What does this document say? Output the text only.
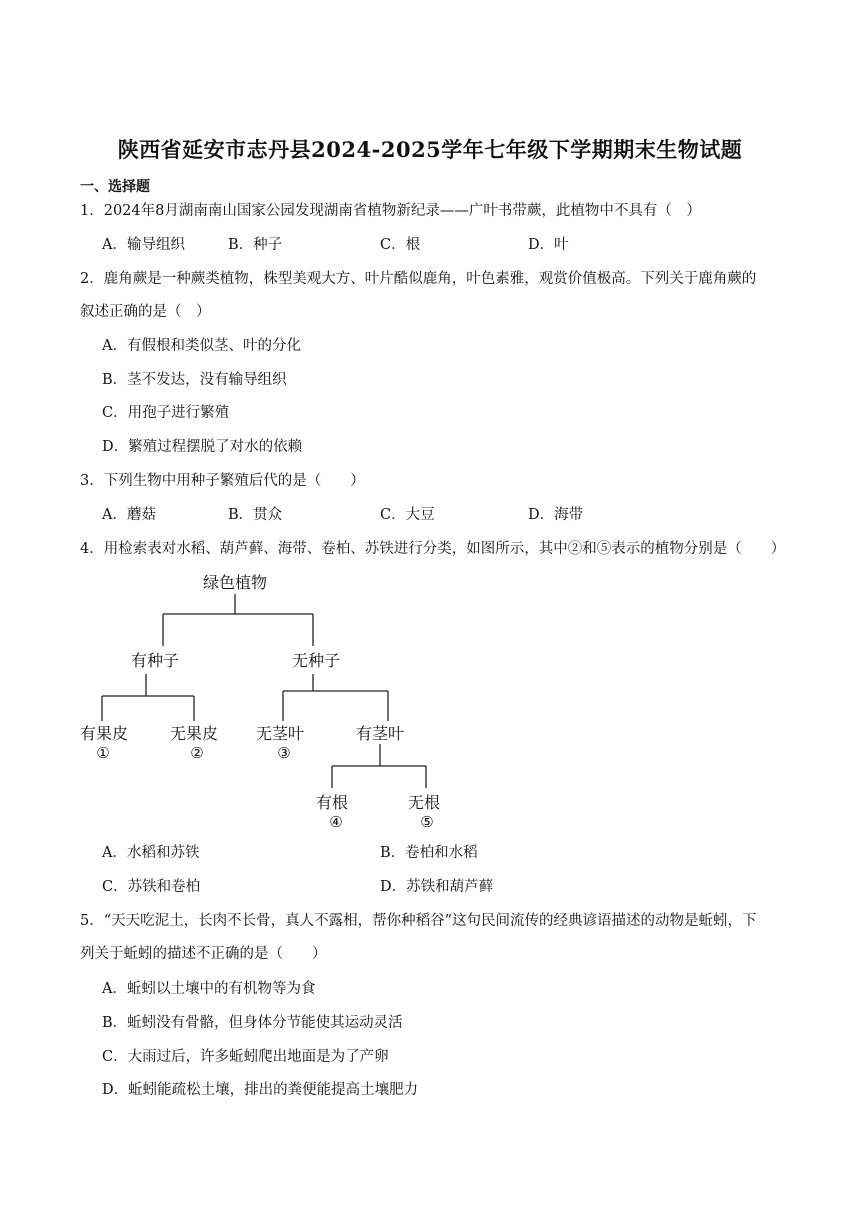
陕西省延安市志丹县2024-2025学年七年级下学期期末生物试题
一、选择题
1．2024年8月湖南南山国家公园发现湖南省植物新纪录——广叶书带蕨，此植物中不具有（　）
A．输导组织	B．种子	C．根	D．叶
2．鹿角蕨是一种蕨类植物，株型美观大方、叶片酷似鹿角，叶色素雅，观赏价值极高。下列关于鹿角蕨的
叙述正确的是（　）
A．有假根和类似茎、叶的分化
B．茎不发达，没有输导组织
C．用孢子进行繁殖
D．繁殖过程摆脱了对水的依赖
3．下列生物中用种子繁殖后代的是（　　）
A．蘑菇	B．贯众	C．大豆	D．海带
4．用检索表对水稻、葫芦藓、海带、卷柏、苏铁进行分类，如图所示，其中②和⑤表示的植物分别是（　　）
绿色植物
有种子	无种子
有果皮	无果皮 无茎叶	有茎叶
有根	无根
①	②	③
④	⑤
A．水稻和苏铁	B．卷柏和水稻
C．苏铁和卷柏	D．苏铁和葫芦藓
5．“天天吃泥土，长肉不长骨，真人不露相，帮你种稻谷”这句民间流传的经典谚语描述的动物是蚯蚓，下
列关于蚯蚓的描述不正确的是（　　）
A．蚯蚓以土壤中的有机物等为食
B．蚯蚓没有骨骼，但身体分节能使其运动灵活
C．大雨过后，许多蚯蚓爬出地面是为了产卵
D．蚯蚓能疏松土壤，排出的粪便能提高土壤肥力
